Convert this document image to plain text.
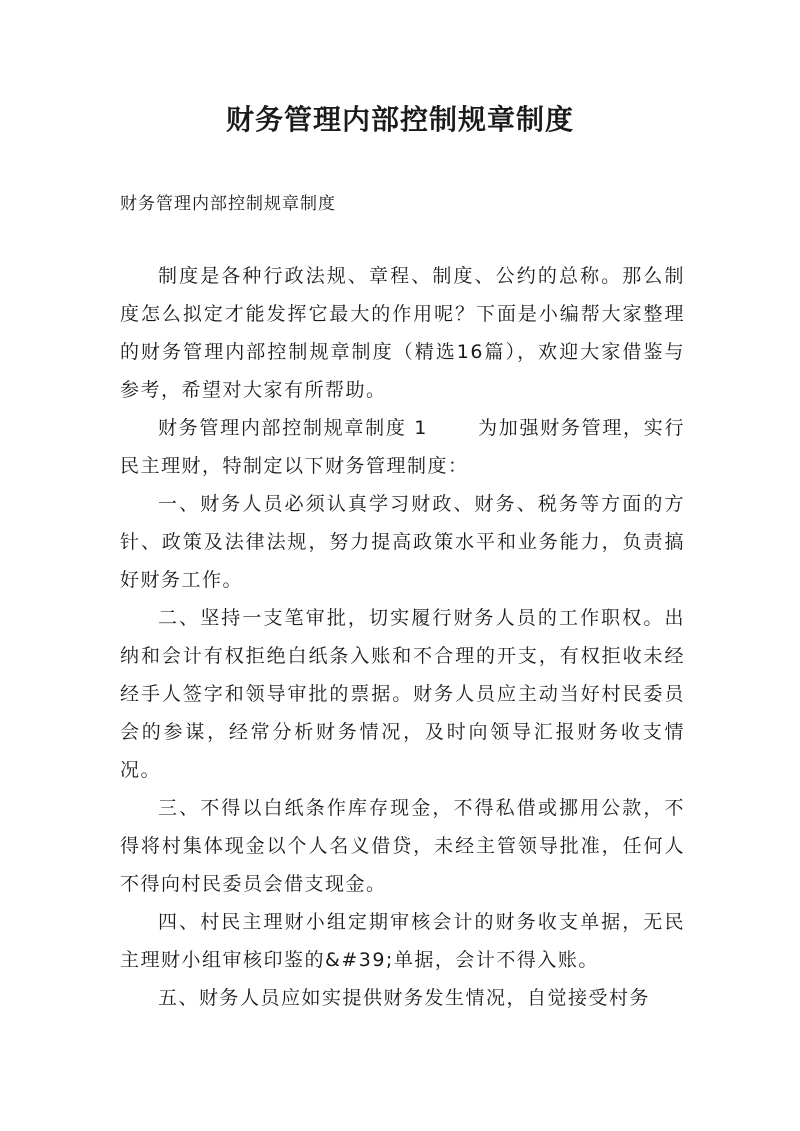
财务管理内部控制规章制度

财务管理内部控制规章制度

制度是各种行政法规、章程、制度、公约的总称。那么制度怎么拟定才能发挥它最大的作用呢？下面是小编帮大家整理的财务管理内部控制规章制度（精选16篇），欢迎大家借鉴与参考，希望对大家有所帮助。

财务管理内部控制规章制度 1	为加强财务管理，实行民主理财，特制定以下财务管理制度：

一、财务人员必须认真学习财政、财务、税务等方面的方针、政策及法律法规，努力提高政策水平和业务能力，负责搞好财务工作。

二、坚持一支笔审批，切实履行财务人员的工作职权。出纳和会计有权拒绝白纸条入账和不合理的开支，有权拒收未经经手人签字和领导审批的票据。财务人员应主动当好村民委员会的参谋，经常分析财务情况，及时向领导汇报财务收支情况。

三、不得以白纸条作库存现金，不得私借或挪用公款，不得将村集体现金以个人名义借贷，未经主管领导批准，任何人不得向村民委员会借支现金。

四、村民主理财小组定期审核会计的财务收支单据，无民主理财小组审核印鉴的&#39;单据，会计不得入账。

五、财务人员应如实提供财务发生情况，自觉接受村务
